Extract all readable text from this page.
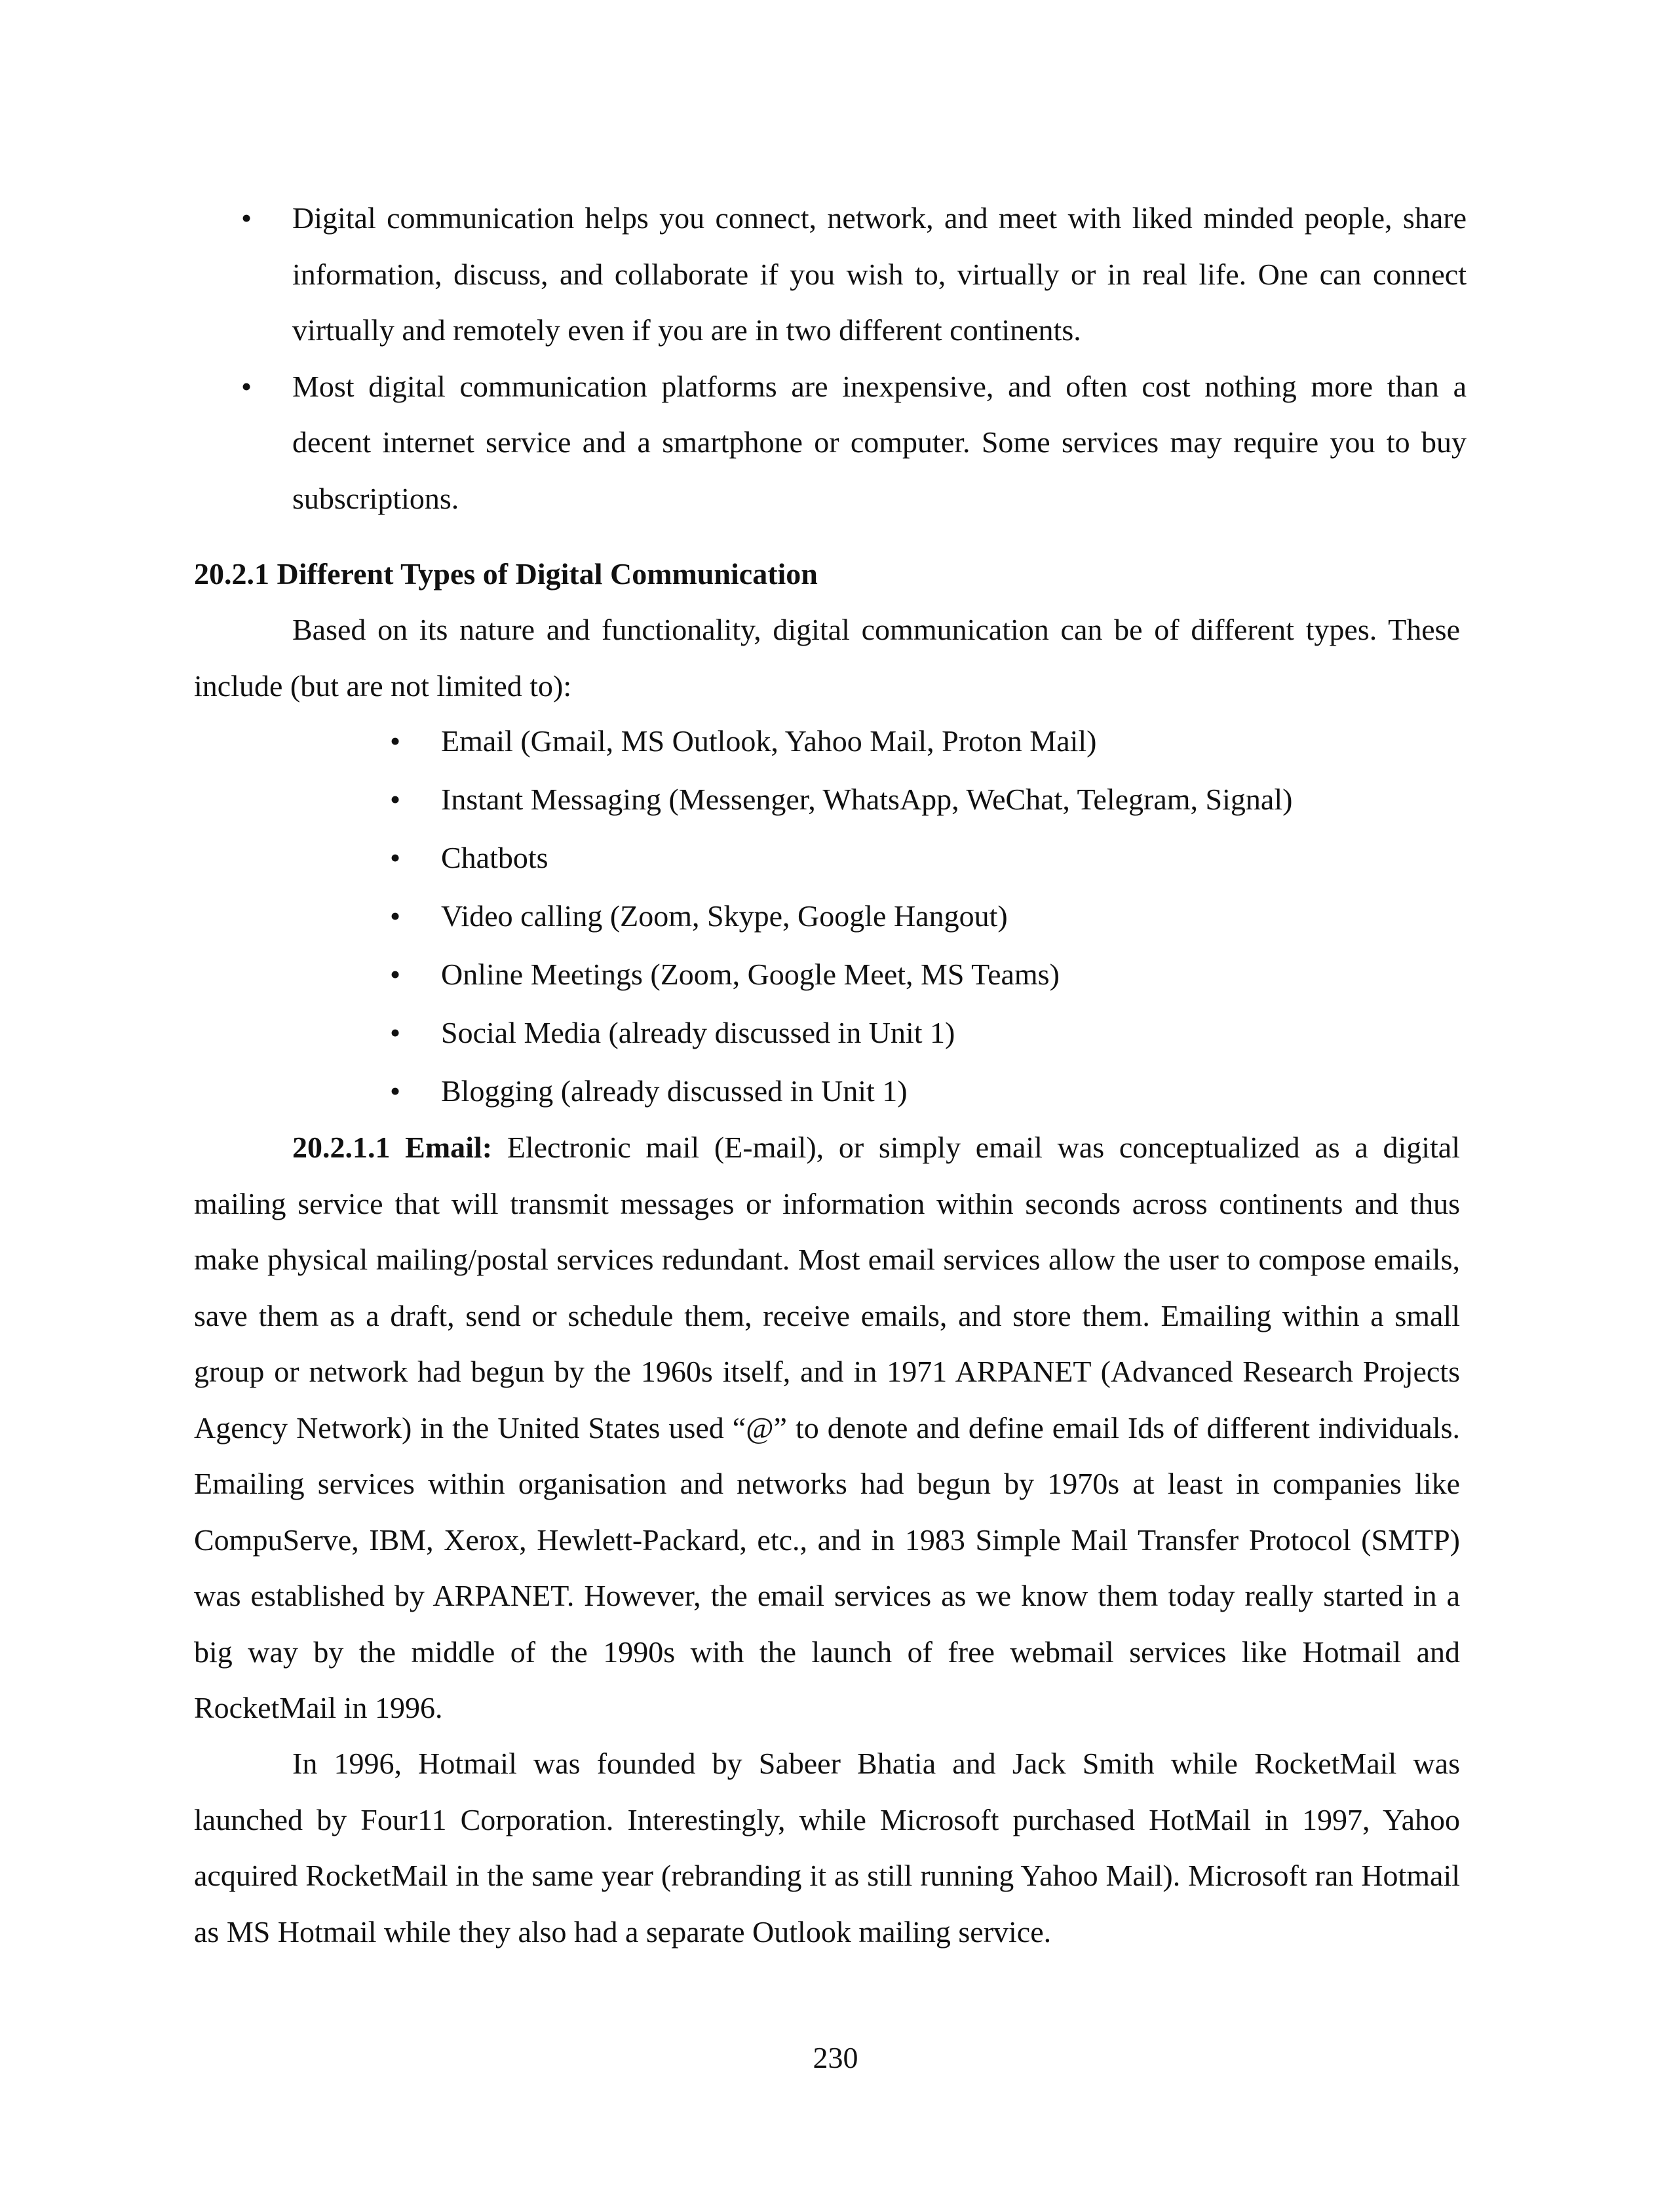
• Digital communication helps you connect, network, and meet with liked minded people, share information, discuss, and collaborate if you wish to, virtually or in real life. One can connect virtually and remotely even if you are in two different continents.
• Most digital communication platforms are inexpensive, and often cost nothing more than a decent internet service and a smartphone or computer. Some services may require you to buy subscriptions.
20.2.1 Different Types of Digital Communication

Based on its nature and functionality, digital communication can be of different types. These include (but are not limited to):

• Email (Gmail, MS Outlook, Yahoo Mail, Proton Mail)
• Instant Messaging (Messenger, WhatsApp, WeChat, Telegram, Signal)
• Chatbots
• Video calling (Zoom, Skype, Google Hangout)
• Online Meetings (Zoom, Google Meet, MS Teams)
• Social Media (already discussed in Unit 1)
• Blogging (already discussed in Unit 1)

20.2.1.1 Email: Electronic mail (E-mail), or simply email was conceptualized as a digital mailing service that will transmit messages or information within seconds across continents and thus make physical mailing/postal services redundant. Most email services allow the user to compose emails, save them as a draft, send or schedule them, receive emails, and store them. Emailing within a small group or network had begun by the 1960s itself, and in 1971 ARPANET (Advanced Research Projects Agency Network) in the United States used “@” to denote and define email Ids of different individuals. Emailing services within organisation and networks had begun by 1970s at least in companies like CompuServe, IBM, Xerox, Hewlett-Packard, etc., and in 1983 Simple Mail Transfer Protocol (SMTP) was established by ARPANET. However, the email services as we know them today really started in a big way by the middle of the 1990s with the launch of free webmail services like Hotmail and RocketMail in 1996.

In 1996, Hotmail was founded by Sabeer Bhatia and Jack Smith while RocketMail was launched by Four11 Corporation. Interestingly, while Microsoft purchased HotMail in 1997, Yahoo acquired RocketMail in the same year (rebranding it as still running Yahoo Mail). Microsoft ran Hotmail as MS Hotmail while they also had a separate Outlook mailing service.

230
